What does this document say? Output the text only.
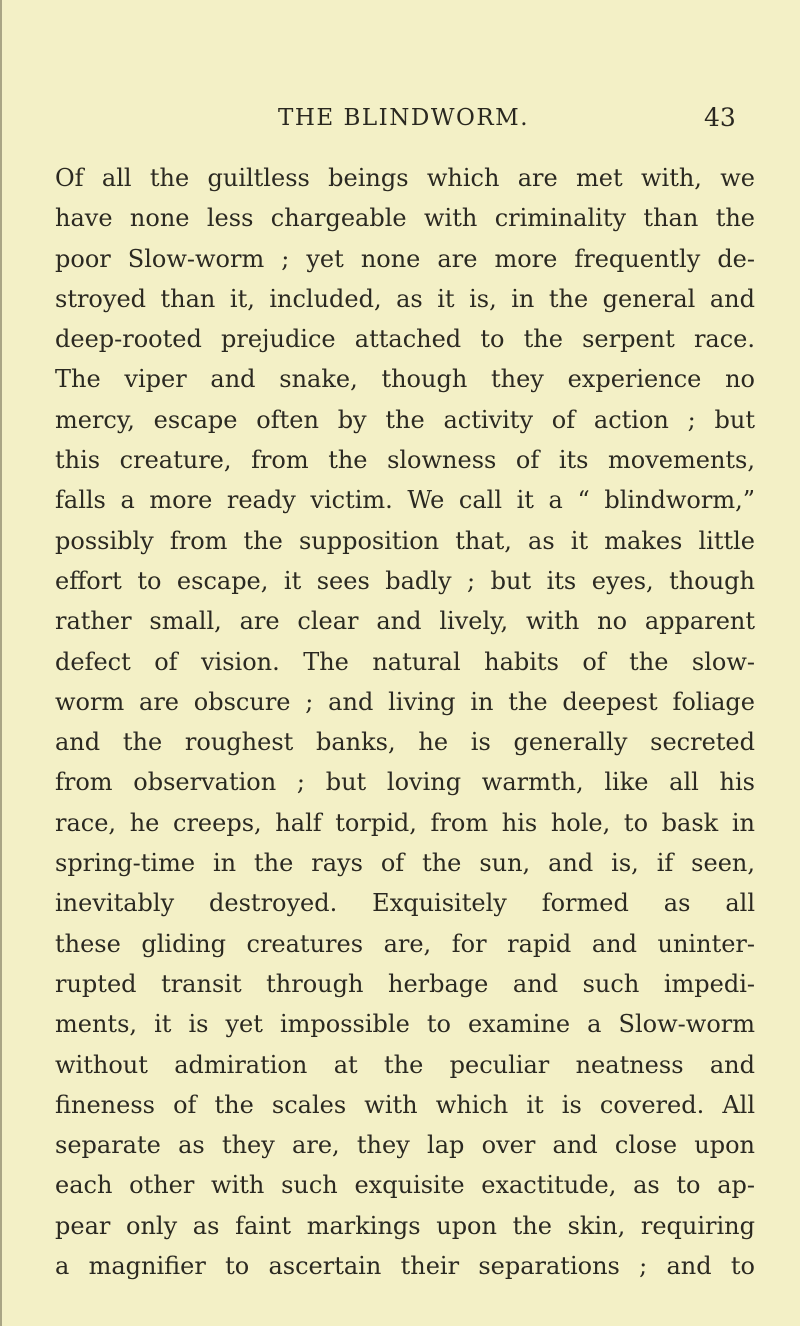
THE BLINDWORM.	43
Of all the guiltless beings which are met with, we
have none less chargeable with criminality than the
poor Slow-worm ; yet none are more frequently de-
stroyed than it, included, as it is, in the general and
deep-rooted prejudice attached to the serpent race.
The viper and snake, though they experience no
mercy, escape often by the activity of action ; but
this creature, from the slowness of its movements,
falls a more ready victim. We call it a “ blindworm,”
possibly from the supposition that, as it makes little
effort to escape, it sees badly ; but its eyes, though
rather small, are clear and lively, with no apparent
defect of vision. The natural habits of the slow-
worm are obscure ; and living in the deepest foliage
and the roughest banks, he is generally secreted
from observation ; but loving warmth, like all his
race, he creeps, half torpid, from his hole, to bask in
spring-time in the rays of the sun, and is, if seen,
inevitably destroyed. Exquisitely formed as all
these gliding creatures are, for rapid and uninter-
rupted transit through herbage and such impedi-
ments, it is yet impossible to examine a Slow-worm
without admiration at the peculiar neatness and
fineness of the scales with which it is covered. All
separate as they are, they lap over and close upon
each other with such exquisite exactitude, as to ap-
pear only as faint markings upon the skin, requiring
a magnifier to ascertain their separations ; and to
